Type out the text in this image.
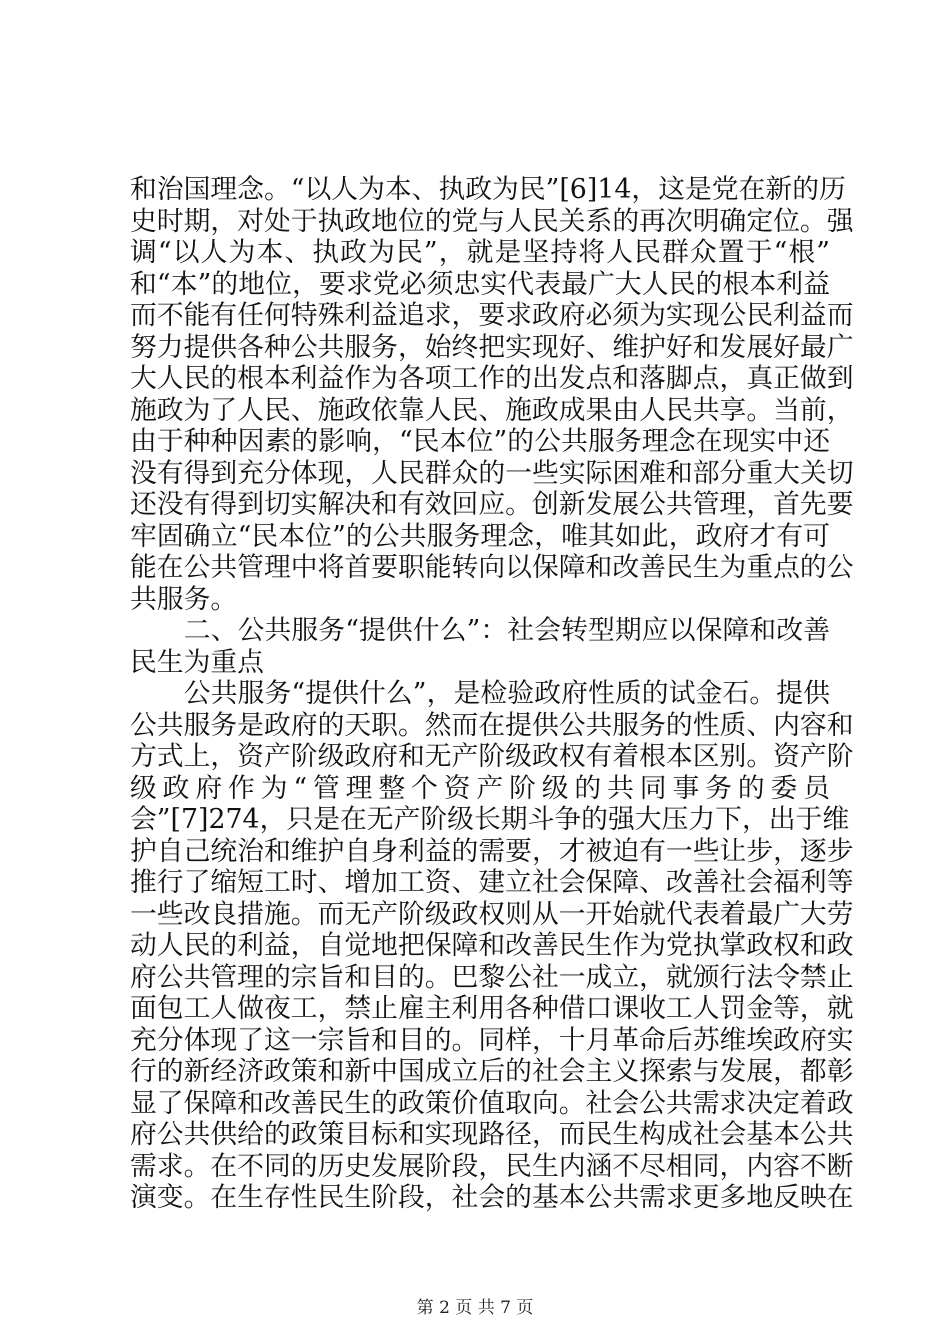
和治国理念。“以人为本、执政为民”[6]14，这是党在新的历
史时期，对处于执政地位的党与人民关系的再次明确定位。强
调“以人为本、执政为民”，就是坚持将人民群众置于“根”
和“本”的地位，要求党必须忠实代表最广大人民的根本利益
而不能有任何特殊利益追求，要求政府必须为实现公民利益而
努力提供各种公共服务，始终把实现好、维护好和发展好最广
大人民的根本利益作为各项工作的出发点和落脚点，真正做到
施政为了人民、施政依靠人民、施政成果由人民共享。当前，
由于种种因素的影响，“民本位”的公共服务理念在现实中还
没有得到充分体现，人民群众的一些实际困难和部分重大关切
还没有得到切实解决和有效回应。创新发展公共管理，首先要
牢固确立“民本位”的公共服务理念，唯其如此，政府才有可
能在公共管理中将首要职能转向以保障和改善民生为重点的公
共服务。
　　二、公共服务“提供什么”：社会转型期应以保障和改善
民生为重点
　　公共服务“提供什么”，是检验政府性质的试金石。提供
公共服务是政府的天职。然而在提供公共服务的性质、内容和
方式上，资产阶级政府和无产阶级政权有着根本区别。资产阶
级政府作为“管理整个资产阶级的共同事务的委员
会”[7]274，只是在无产阶级长期斗争的强大压力下，出于维
护自己统治和维护自身利益的需要，才被迫有一些让步，逐步
推行了缩短工时、增加工资、建立社会保障、改善社会福利等
一些改良措施。而无产阶级政权则从一开始就代表着最广大劳
动人民的利益，自觉地把保障和改善民生作为党执掌政权和政
府公共管理的宗旨和目的。巴黎公社一成立，就颁行法令禁止
面包工人做夜工，禁止雇主利用各种借口课收工人罚金等，就
充分体现了这一宗旨和目的。同样，十月革命后苏维埃政府实
行的新经济政策和新中国成立后的社会主义探索与发展，都彰
显了保障和改善民生的政策价值取向。社会公共需求决定着政
府公共供给的政策目标和实现路径，而民生构成社会基本公共
需求。在不同的历史发展阶段，民生内涵不尽相同，内容不断
演变。在生存性民生阶段，社会的基本公共需求更多地反映在
第 2 页 共 7 页
